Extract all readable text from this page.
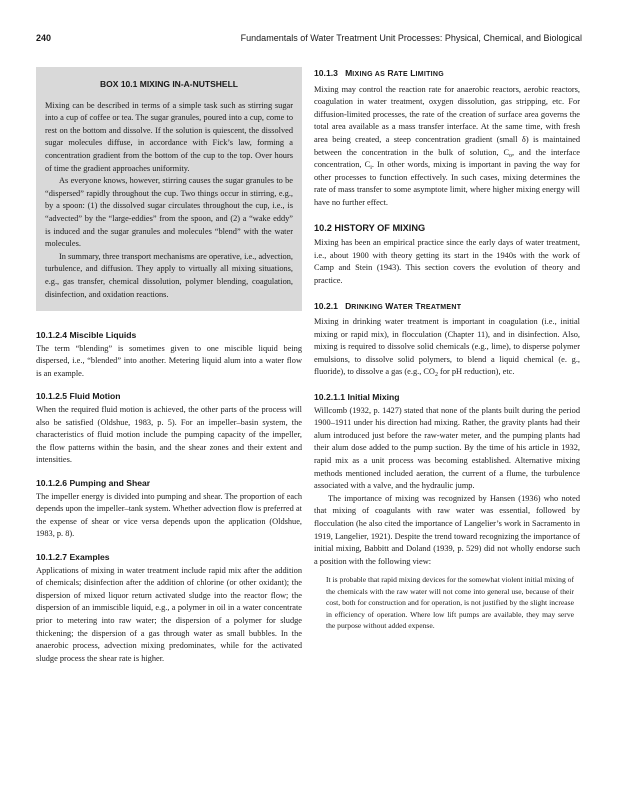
240	Fundamentals of Water Treatment Unit Processes: Physical, Chemical, and Biological
BOX 10.1 MIXING IN-A-NUTSHELL

Mixing can be described in terms of a simple task such as stirring sugar into a cup of coffee or tea. The sugar granules, poured into a cup, come to rest on the bottom and dissolve. If the solution is quiescent, the dissolved sugar molecules diffuse, in accordance with Fick’s law, forming a concentration gradient from the bottom of the cup to the top. Over hours of time the gradient approaches uniformity.

As everyone knows, however, stirring causes the sugar granules to be “dispersed” rapidly throughout the cup. Two things occur in stirring, e.g., by a spoon: (1) the dissolved sugar circulates throughout the cup, i.e., is “advected” by the “large-eddies” from the spoon, and (2) a “wake eddy” is induced and the sugar granules and molecules “blend” with the water molecules.

In summary, three transport mechanisms are operative, i.e., advection, turbulence, and diffusion. They apply to virtually all mixing situations, e.g., gas transfer, chemical dissolution, polymer blending, coagulation, disinfection, and oxidation reactions.

10.1.2.4 Miscible Liquids

The term “blending” is sometimes given to one miscible liquid being dispersed, i.e., “blended” into another. Metering liquid alum into a water flow is an example.

10.1.2.5 Fluid Motion

When the required fluid motion is achieved, the other parts of the process will also be satisfied (Oldshue, 1983, p. 5). For an impeller–basin system, the characteristics of fluid motion include the pumping capacity of the impeller, the flow patterns within the basin, and the shear zones and their extent and intensities.

10.1.2.6 Pumping and Shear

The impeller energy is divided into pumping and shear. The proportion of each depends upon the impeller–tank system. Whether advection flow is preferred at the expense of shear or vice versa depends upon the application (Oldshue, 1983, p. 8).

10.1.2.7 Examples

Applications of mixing in water treatment include rapid mix after the addition of chemicals; disinfection after the addition of chlorine (or other oxidant); the dispersion of mixed liquor return activated sludge into the reactor flow; the dispersion of an immiscible liquid, e.g., a polymer in oil in a water concentrate prior to metering into raw water; the dispersion of a polymer for sludge thickening; the dispersion of a gas through water as small bubbles. In the anaerobic process, advection mixing predominates, while for the activated sludge process the shear rate is higher.

10.1.3 MIXING AS RATE LIMITING

Mixing may control the reaction rate for anaerobic reactors, aerobic reactors, coagulation in water treatment, oxygen dissolution, gas stripping, etc. For diffusion-limited processes, the rate of the creation of surface area governs the total area available as a mass transfer interface. At the same time, with fresh area being created, a steep concentration gradient (small δ) is maintained between the concentration in the bulk of solution, $C_o$, and the interface concentration, $C_i$. In other words, mixing is important in paving the way for other processes to function effectively. In such cases, mixing determines the rate of mass transfer to some asymptote limit, where higher mixing energy will have no further effect.

10.2 HISTORY OF MIXING

Mixing has been an empirical practice since the early days of water treatment, i.e., about 1900 with theory getting its start in the 1940s with the work of Camp and Stein (1943). This section covers the evolution of theory and practice.

10.2.1 DRINKING WATER TREATMENT

Mixing in drinking water treatment is important in coagulation (i.e., initial mixing or rapid mix), in flocculation (Chapter 11), and in disinfection. Also, mixing is required to dissolve solid chemicals (e.g., lime), to disperse polymer emulsions, to dissolve solid polymers, to blend a liquid chemical (e. g., fluoride), to dissolve a gas (e.g., $CO_2$ for pH reduction), etc.

10.2.1.1 Initial Mixing

Willcomb (1932, p. 1427) stated that none of the plants built during the period 1900–1911 under his direction had mixing. Rather, the gravity plants had their alum introduced just before the raw-water meter, and the pumping plants had their alum dose added to the pump suction. By the time of his article in 1932, rapid mix as a unit process was becoming established. Alternative mixing methods mentioned included aeration, the current of a flume, the turbulence associated with a valve, and the hydraulic jump.

The importance of mixing was recognized by Hansen (1936) who noted that mixing of coagulants with raw water was essential, followed by flocculation (he also cited the importance of Langelier’s work in Sacramento in 1919, Langelier, 1921). Despite the trend toward recognizing the importance of initial mixing, Babbitt and Doland (1939, p. 529) did not wholly endorse such a position with the following view:

It is probable that rapid mixing devices for the somewhat violent initial mixing of the chemicals with the raw water will not come into general use, because of their cost, both for construction and for operation, is not justified by the slight increase in efficiency of operation. Where low lift pumps are available, they may serve the purpose without added expense.
